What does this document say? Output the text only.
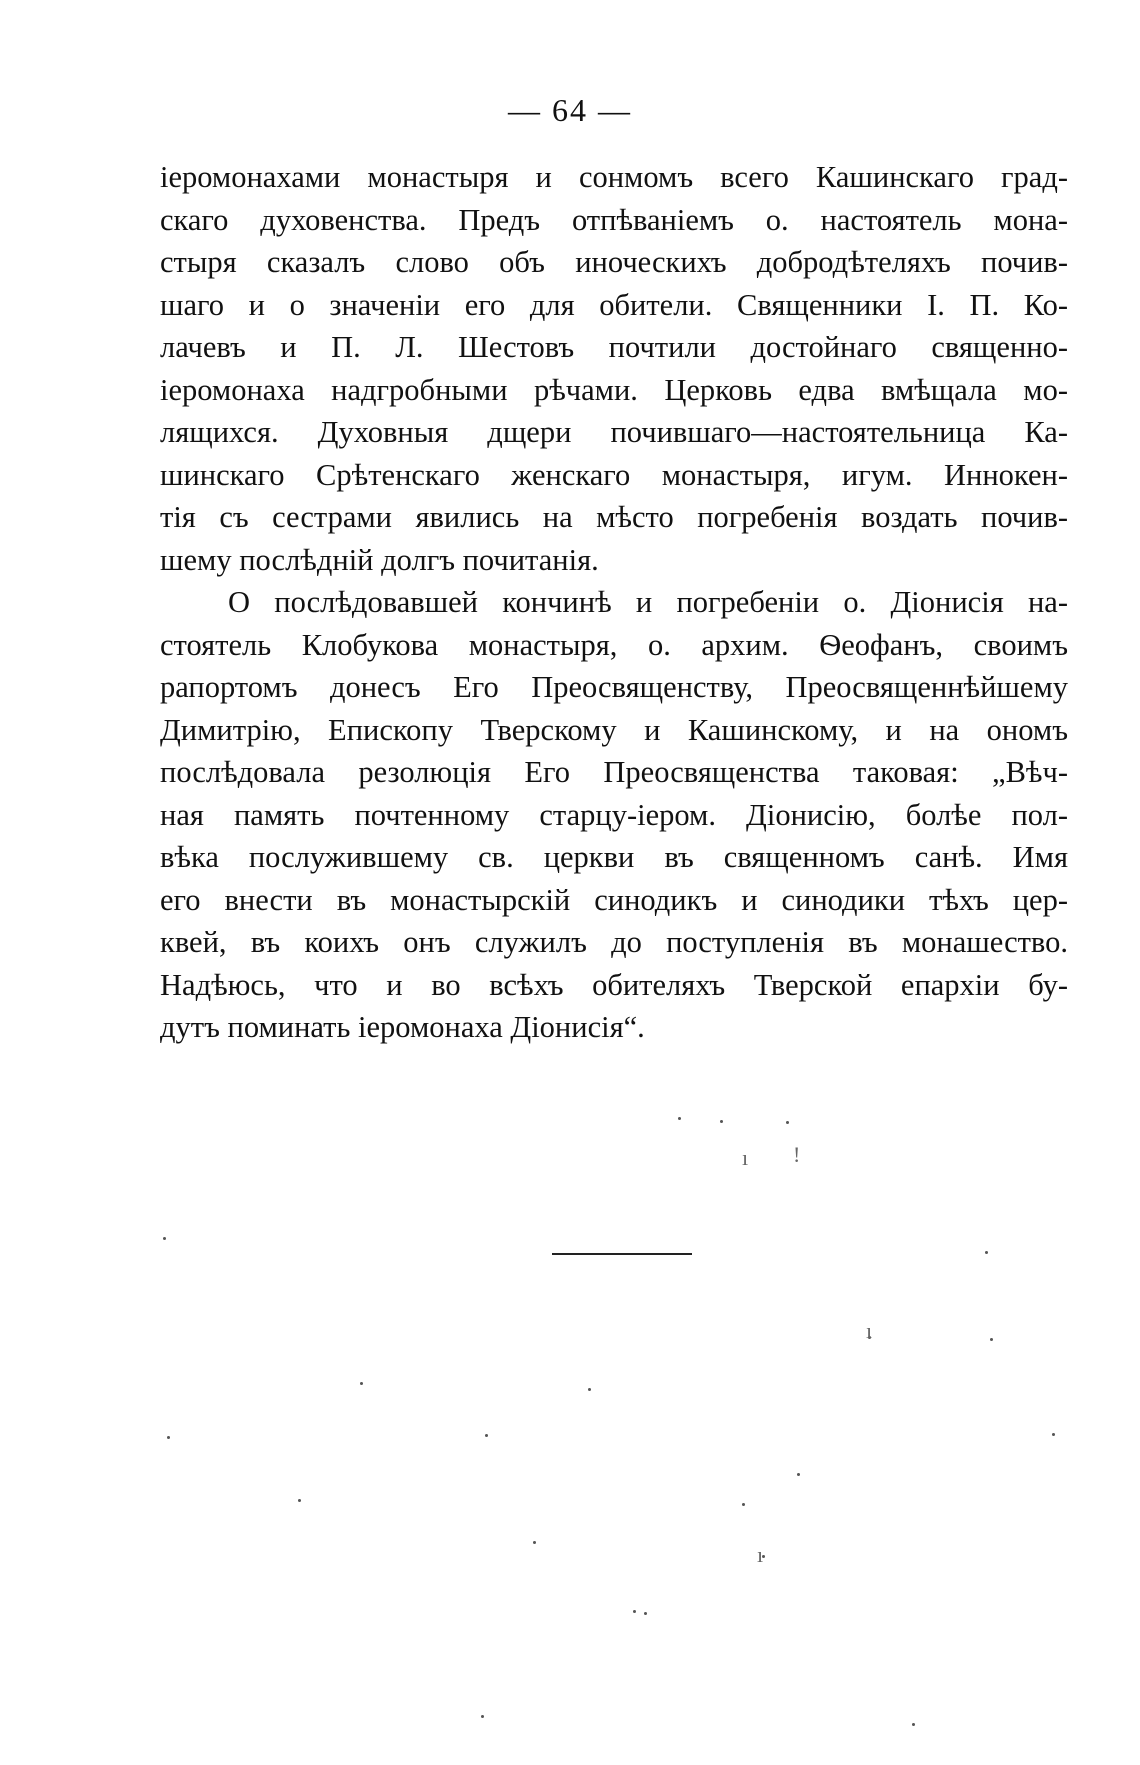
— 64 —
іеромонахами монастыря и сонмомъ всего Кашинскаго град-
скаго духовенства. Предъ отпѣваніемъ о. настоятель мона-
стыря сказалъ слово объ иноческихъ добродѣтеляхъ почив-
шаго и о значеніи его для обители. Священники І. П. Ко-
лачевъ и П. Л. Шестовъ почтили достойнаго священно-
іеромонаха надгробными рѣчами. Церковь едва вмѣщала мо-
лящихся. Духовныя дщери почившаго—настоятельница Ка-
шинскаго Срѣтенскаго женскаго монастыря, игум. Иннокен-
тія съ сестрами явились на мѣсто погребенія воздать почив-
шему послѣдній долгъ почитанія.
О послѣдовавшей кончинѣ и погребеніи о. Діонисія на-
стоятель Клобукова монастыря, о. архим. Ѳеофанъ, своимъ
рапортомъ донесъ Его Преосвященству, Преосвященнѣйшему
Димитрію, Епископу Тверскому и Кашинскому, и на ономъ
послѣдовала резолюція Его Преосвященства таковая: „Вѣч-
ная память почтенному старцу-іером. Діонисію, болѣе пол-
вѣка послужившему св. церкви въ священномъ санѣ. Имя
его внести въ монастырскій синодикъ и синодики тѣхъ цер-
квей, въ коихъ онъ служилъ до поступленія въ монашество.
Надѣюсь, что и во всѣхъ обителяхъ Тверской епархіи бу-
дутъ поминать іеромонаха Діонисія“.
ı !
ı
ı
